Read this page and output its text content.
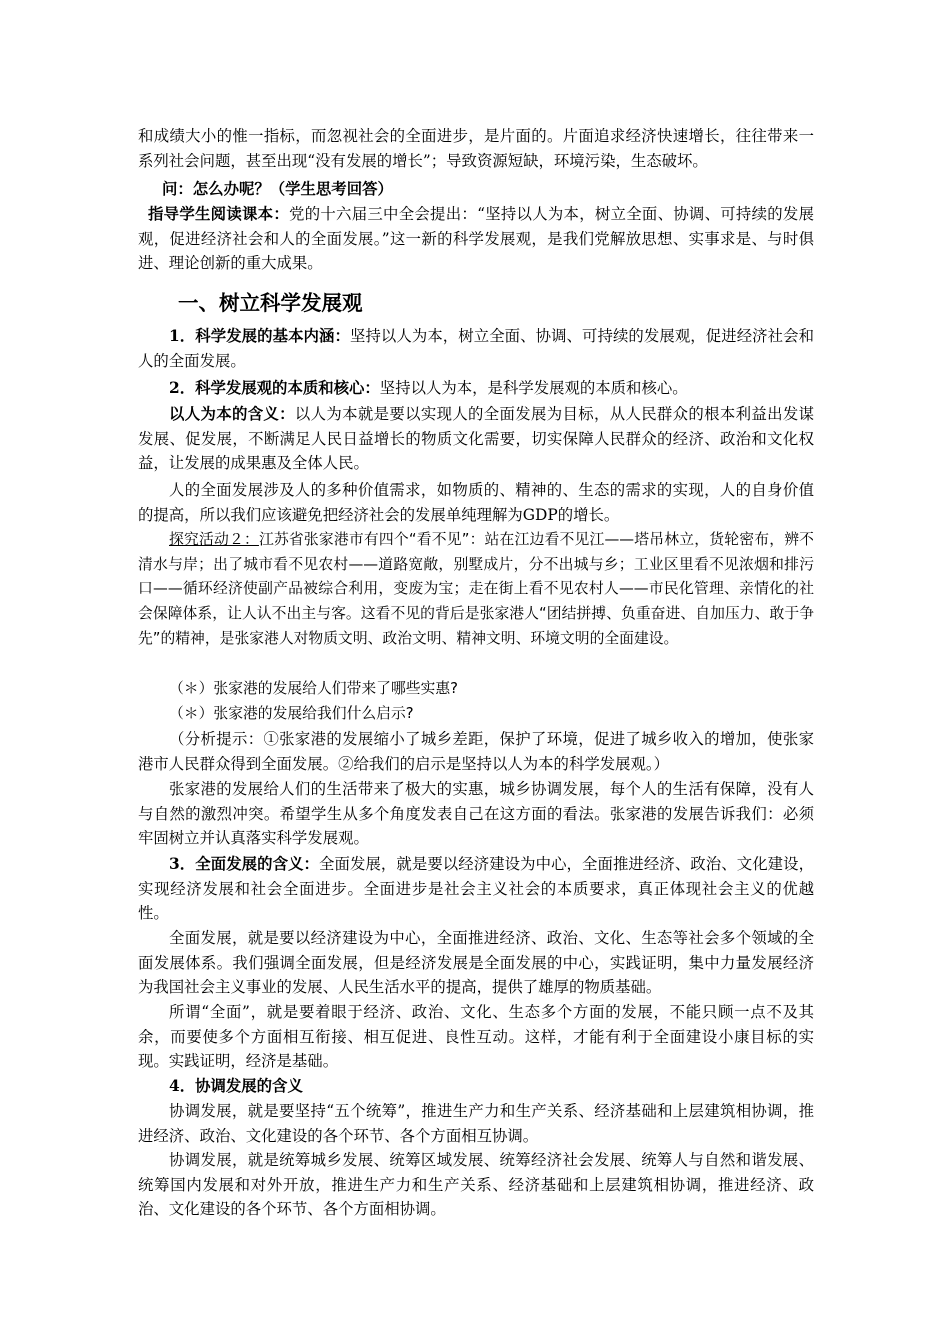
和成绩大小的惟一指标，而忽视社会的全面进步，是片面的。片面追求经济快速增长，往往带来一系列社会问题，甚至出现“没有发展的增长”；导致资源短缺，环境污染，生态破坏。

问：怎么办呢？（学生思考回答）

指导学生阅读课本：党的十六届三中全会提出：“坚持以人为本，树立全面、协调、可持续的发展观，促进经济社会和人的全面发展。”这一新的科学发展观，是我们党解放思想、实事求是、与时俱进、理论创新的重大成果。

一、树立科学发展观

1．科学发展的基本内涵：坚持以人为本，树立全面、协调、可持续的发展观，促进经济社会和人的全面发展。

2．科学发展观的本质和核心：坚持以人为本，是科学发展观的本质和核心。

以人为本的含义：以人为本就是要以实现人的全面发展为目标，从人民群众的根本利益出发谋发展、促发展，不断满足人民日益增长的物质文化需要，切实保障人民群众的经济、政治和文化权益，让发展的成果惠及全体人民。

人的全面发展涉及人的多种价值需求，如物质的、精神的、生态的需求的实现，人的自身价值的提高，所以我们应该避免把经济社会的发展单纯理解为GDP的增长。

探究活动２：江苏省张家港市有四个“看不见”：站在江边看不见江——塔吊林立，货轮密布，辨不清水与岸；出了城市看不见农村——道路宽敞，别墅成片，分不出城与乡；工业区里看不见浓烟和排污口——循环经济使副产品被综合利用，变废为宝；走在街上看不见农村人——市民化管理、亲情化的社会保障体系，让人认不出主与客。这看不见的背后是张家港人“团结拼搏、负重奋进、自加压力、敢于争先”的精神，是张家港人对物质文明、政治文明、精神文明、环境文明的全面建设。

（＊）张家港的发展给人们带来了哪些实惠?

（＊）张家港的发展给我们什么启示?

（分析提示：①张家港的发展缩小了城乡差距，保护了环境，促进了城乡收入的增加，使张家港市人民群众得到全面发展。②给我们的启示是坚持以人为本的科学发展观。）

张家港的发展给人们的生活带来了极大的实惠，城乡协调发展，每个人的生活有保障，没有人与自然的激烈冲突。希望学生从多个角度发表自己在这方面的看法。张家港的发展告诉我们：必须牢固树立并认真落实科学发展观。

3．全面发展的含义：全面发展，就是要以经济建设为中心，全面推进经济、政治、文化建设，实现经济发展和社会全面进步。全面进步是社会主义社会的本质要求，真正体现社会主义的优越性。

全面发展，就是要以经济建设为中心，全面推进经济、政治、文化、生态等社会多个领域的全面发展体系。我们强调全面发展，但是经济发展是全面发展的中心，实践证明，集中力量发展经济为我国社会主义事业的发展、人民生活水平的提高，提供了雄厚的物质基础。

所谓“全面”，就是要着眼于经济、政治、文化、生态多个方面的发展，不能只顾一点不及其余，而要使多个方面相互衔接、相互促进、良性互动。这样，才能有利于全面建设小康目标的实现。实践证明，经济是基础。

4．协调发展的含义

协调发展，就是要坚持“五个统筹”，推进生产力和生产关系、经济基础和上层建筑相协调，推进经济、政治、文化建设的各个环节、各个方面相互协调。

协调发展，就是统筹城乡发展、统筹区域发展、统筹经济社会发展、统筹人与自然和谐发展、统筹国内发展和对外开放，推进生产力和生产关系、经济基础和上层建筑相协调，推进经济、政治、文化建设的各个环节、各个方面相协调。
